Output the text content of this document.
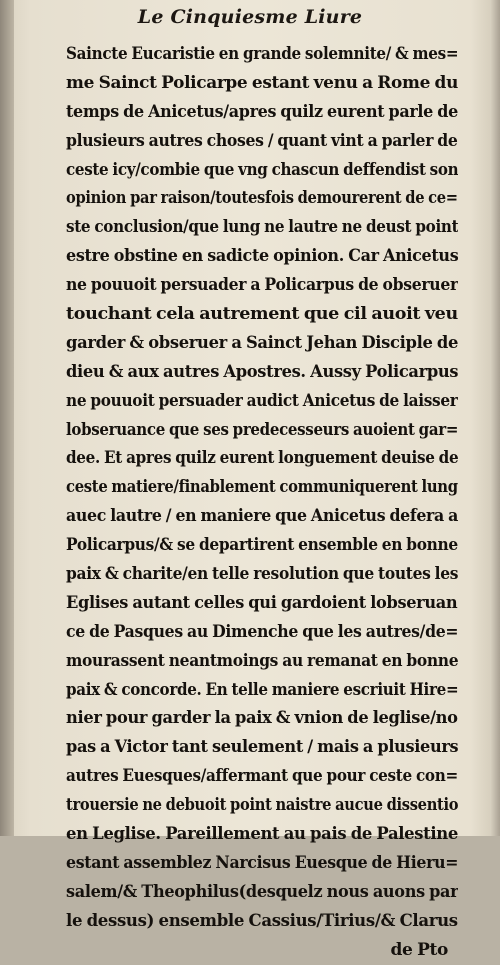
Le Cinquiesme Liure
Saincte Eucaristie en grande solemnite/ & mes=
me Sainct Policarpe estant venu a Rome du
temps de Anicetus/apres quilz eurent parle de
plusieurs autres choses / quant vint a parler de
ceste icy/combie que vng chascun deffendist son
opinion par raison/toutesfois demourerent de ce=
ste conclusion/que lung ne lautre ne deust point
estre obstine en sadicte opinion. Car Anicetus
ne pouuoit persuader a Policarpus de obseruer
touchant cela autrement que cil auoit veu
garder & obseruer a Sainct Jehan Disciple de
dieu & aux autres Apostres. Aussy Policarpus
ne pouuoit persuader audict Anicetus de laisser
lobseruance que ses predecesseurs auoient gar=
dee. Et apres quilz eurent longuement deuise de
ceste matiere/finablement communiquerent lung
auec lautre / en maniere que Anicetus defera a
Policarpus/& se departirent ensemble en bonne
paix & charite/en telle resolution que toutes les
Eglises autant celles qui gardoient lobseruan
ce de Pasques au Dimenche que les autres/de=
mourassent neantmoings au remanat en bonne
paix & concorde. En telle maniere escriuit Hire=
nier pour garder la paix & vnion de leglise/no
pas a Victor tant seulement / mais a plusieurs
autres Euesques/affermant que pour ceste con=
trouersie ne debuoit point naistre aucue dissentio
en Leglise. Pareillement au pais de Palestine
estant assemblez Narcisus Euesque de Hieru=
salem/& Theophilus(desquelz nous auons par
le dessus) ensemble Cassius/Tirius/& Clarus
de Pto
